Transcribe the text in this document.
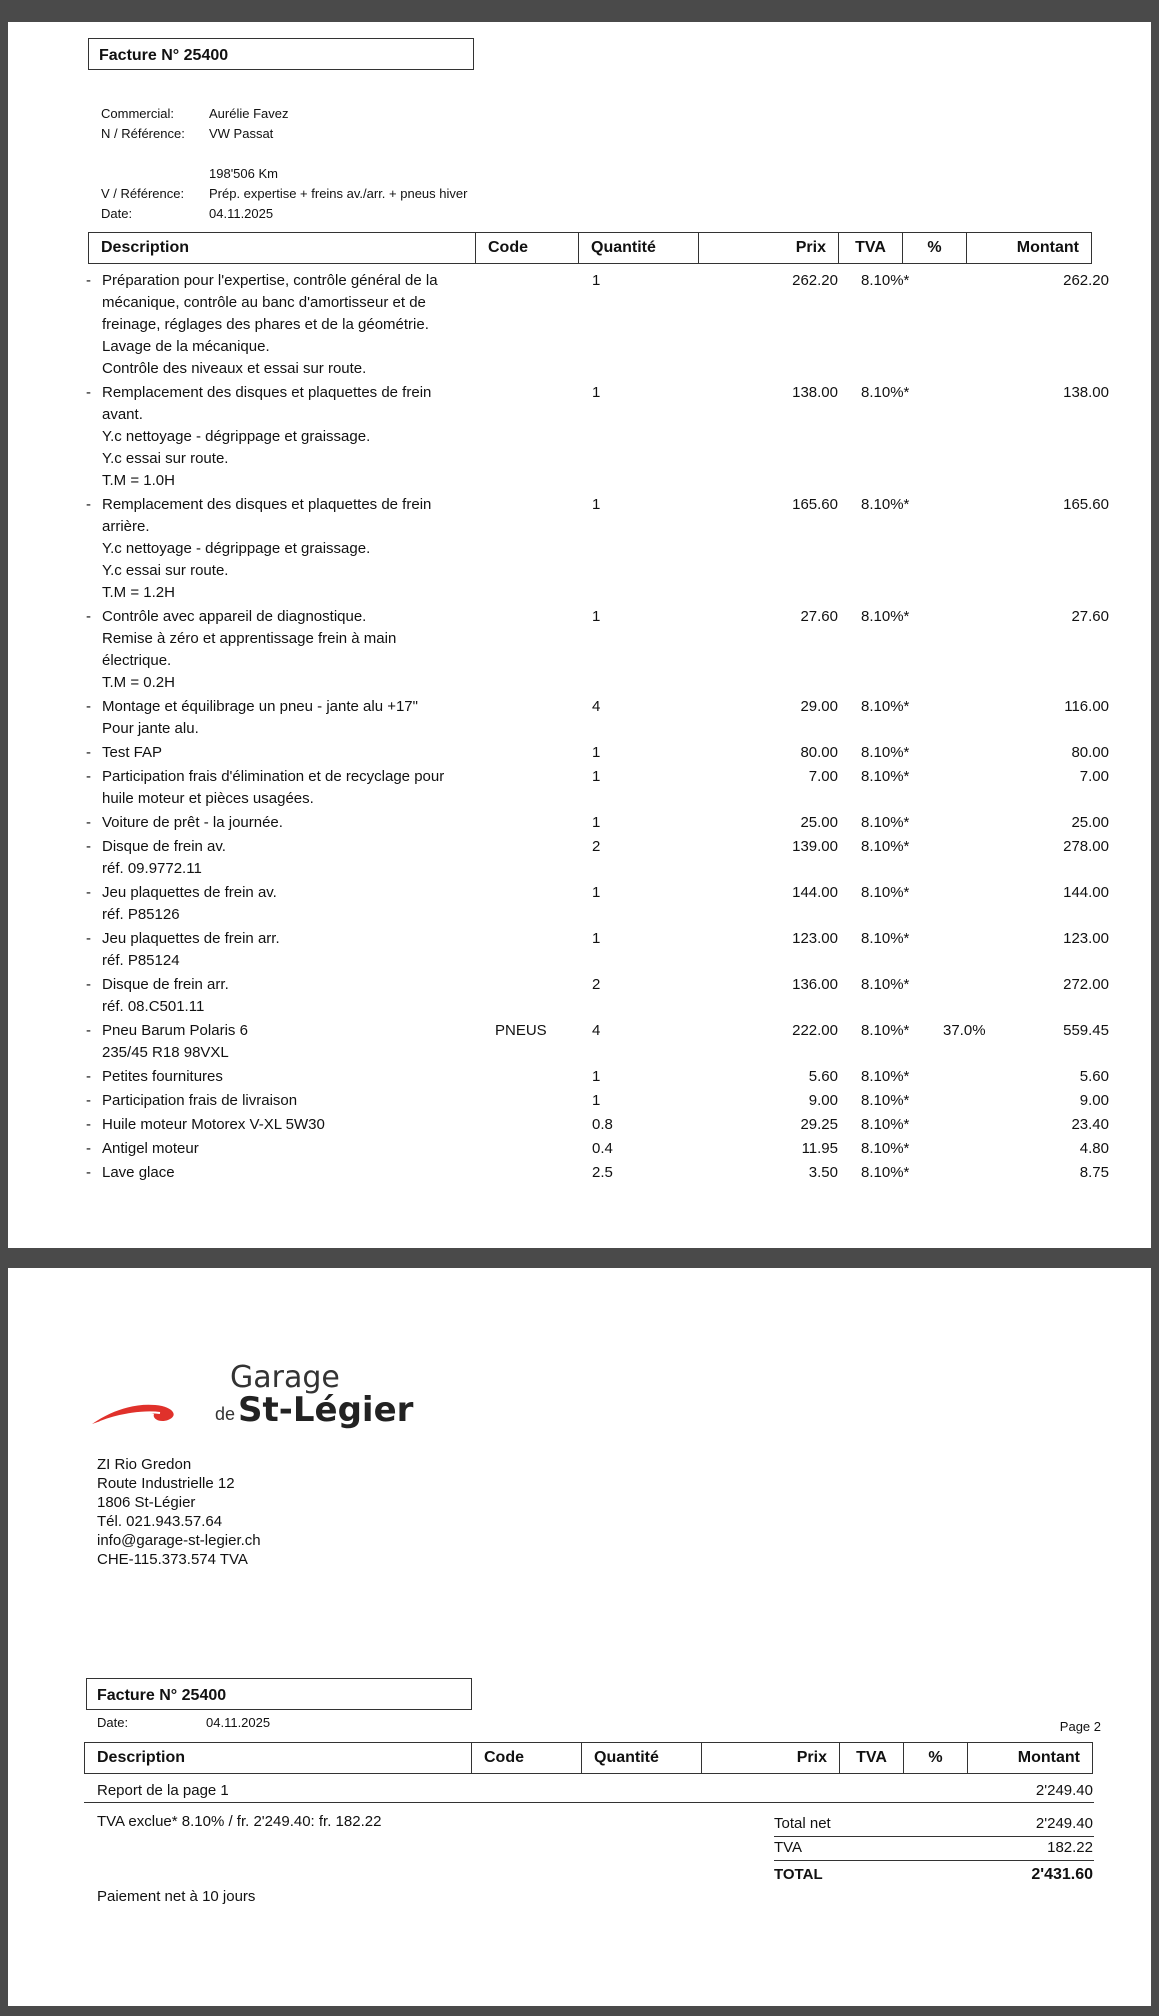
Facture N° 25400
Commercial:	Aurélie Favez
N / Référence: VW Passat
198'506 Km
V / Référence: Prép. expertise + freins av./arr. + pneus hiver
Date:	04.11.2025
Description	Code	Quantité	Prix	TVA	%	Montant
- Préparation pour l'expertise, contrôle général de la
mécanique, contrôle au banc d'amortisseur et de
freinage, réglages des phares et de la géométrie.
Lavage de la mécanique.
Contrôle des niveaux et essai sur route.
1	262.20 8.10%*	262.20
- Remplacement des disques et plaquettes de frein
avant.
Y.c nettoyage - dégrippage et graissage.
Y.c essai sur route.
T.M = 1.0H
1	138.00 8.10%*	138.00
- Remplacement des disques et plaquettes de frein
arrière.
Y.c nettoyage - dégrippage et graissage.
Y.c essai sur route.
T.M = 1.2H
1	165.60 8.10%*	165.60
- Contrôle avec appareil de diagnostique.
Remise à zéro et apprentissage frein à main
électrique.
T.M = 0.2H
1	27.60 8.10%*	27.60
- Montage et équilibrage un pneu - jante alu +17"
Pour jante alu.
4	29.00 8.10%*	116.00
- Test FAP	1	80.00 8.10%*	80.00
- Participation frais d'élimination et de recyclage pour
huile moteur et pièces usagées.
1	7.00 8.10%*	7.00
- Voiture de prêt - la journée.	1	25.00 8.10%*	25.00
- Disque de frein av.
réf. 09.9772.11
2	139.00 8.10%*	278.00
- Jeu plaquettes de frein av.
réf. P85126
1	144.00 8.10%*	144.00
- Jeu plaquettes de frein arr.
réf. P85124
1	123.00 8.10%*	123.00
- Disque de frein arr.
réf. 08.C501.11
2	136.00 8.10%*	272.00
- Pneu Barum Polaris 6
235/45 R18 98VXL
PNEUS	4	222.00 8.10%* 37.0%	559.45
- Petites fournitures	1	5.60 8.10%*	5.60
- Participation frais de livraison	1	9.00 8.10%*	9.00
- Huile moteur Motorex V-XL 5W30	0.8	29.25 8.10%*	23.40
- Antigel moteur	0.4	11.95 8.10%*	4.80
- Lave glace	2.5	3.50 8.10%*	8.75
Garage
de St-Légier
ZI Rio Gredon
Route Industrielle 12
1806 St-Légier
Tél. 021.943.57.64
info@garage-st-legier.ch
CHE-115.373.574 TVA
Facture N° 25400
Date:	04.11.2025	Page 2
Description	Code	Quantité	Prix	TVA	%	Montant
Report de la page 1	2'249.40
TVA exclue* 8.10% / fr. 2'249.40: fr. 182.22	Total net	2'249.40
TVA	182.22
TOTAL	2'431.60
Paiement net à 10 jours
AutaZeSzwajcarii.pl
